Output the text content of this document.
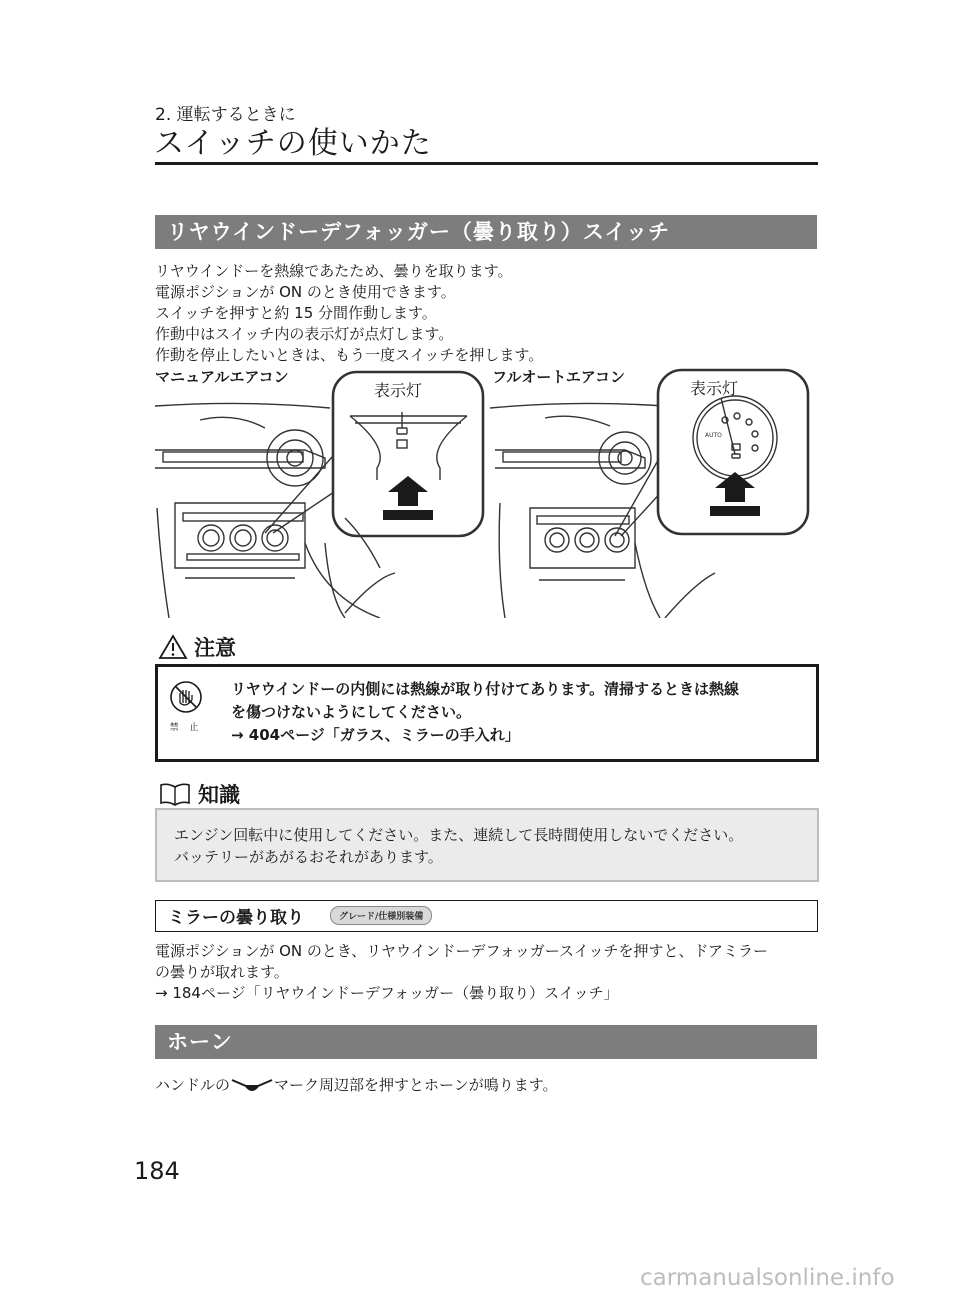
2. 運転するときに
スイッチの使いかた
リヤウインドーデフォッガー（曇り取り）スイッチ
リヤウインドーを熱線であたため、曇りを取ります。
電源ポジションが ON のとき使用できます。
スイッチを押すと約 15 分間作動します。
作動中はスイッチ内の表示灯が点灯します。
作動を停止したいときは、もう一度スイッチを押します。
AUTO
マニュアルエアコン	フルオートエアコン
表示灯	表示灯
注意
禁 止
リヤウインドーの内側には熱線が取り付けてあります。清掃するときは熱線
を傷つけないようにしてください。
→ 404ページ「ガラス、ミラーの手入れ」
知識
エンジン回転中に使用してください。また、連続して長時間使用しないでください。
バッテリーがあがるおそれがあります。
ミラーの曇り取り	グレード/仕様別装備
電源ポジションが ON のとき、リヤウインドーデフォッガースイッチを押すと、ドアミラー
の曇りが取れます。
→ 184ページ「リヤウインドーデフォッガー（曇り取り）スイッチ」
ホーン
ハンドルの	マーク周辺部を押すとホーンが鳴ります。
184
carmanualsonline.info
